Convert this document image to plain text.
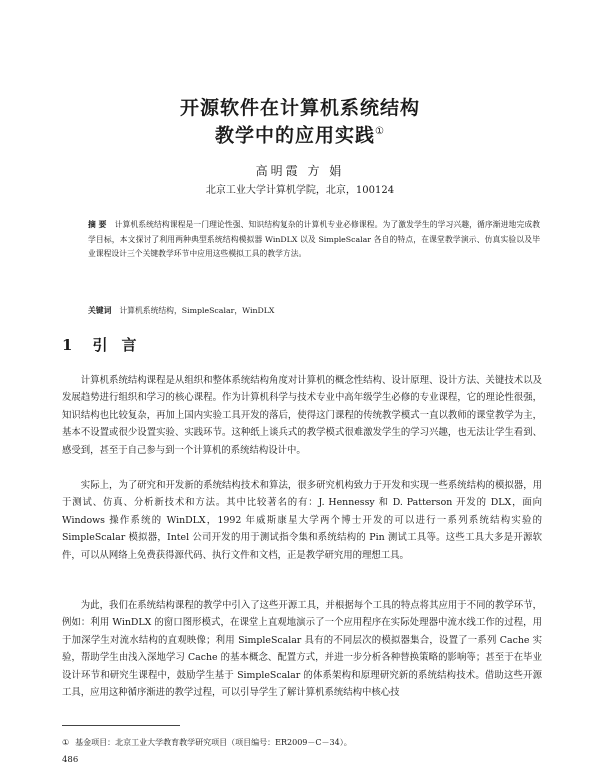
开源软件在计算机系统结构
教学中的应用实践①
高明霞 方 娟
北京工业大学计算机学院，北京，100124
摘 要 计算机系统结构课程是一门理论性强、知识结构复杂的计算机专业必修课程。为了激发学生的学习兴趣，循序渐进地完成教学目标，本文探讨了利用两种典型系统结构模拟器 WinDLX 以及 SimpleScalar 各自的特点，在课堂教学演示、仿真实验以及毕业课程设计三个关键教学环节中应用这些模拟工具的教学方法。
关键词 计算机系统结构，SimpleScalar，WinDLX
1 引言

计算机系统结构课程是从组织和整体系统结构角度对计算机的概念性结构、设计原理、设计方法、关键技术以及发展趋势进行组织和学习的核心课程。作为计算机科学与技术专业中高年级学生必修的专业课程，它的理论性很强，知识结构也比较复杂，再加上国内实验工具开发的落后，使得这门课程的传统教学模式一直以教师的课堂教学为主，基本不设置或很少设置实验、实践环节。这种纸上谈兵式的教学模式很难激发学生的学习兴趣，也无法让学生看到、感受到，甚至于自己参与到一个计算机的系统结构设计中。

实际上，为了研究和开发新的系统结构技术和算法，很多研究机构致力于开发和实现一些系统结构的模拟器，用于测试、仿真、分析新技术和方法。其中比较著名的有：J. Hennessy 和 D. Patterson 开发的 DLX，面向 Windows 操作系统的 WinDLX，1992 年威斯康星大学两个博士开发的可以进行一系列系统结构实验的 SimpleScalar 模拟器，Intel 公司开发的用于测试指令集和系统结构的 Pin 测试工具等。这些工具大多是开源软件，可以从网络上免费获得源代码、执行文件和文档，正是教学研究用的理想工具。

为此，我们在系统结构课程的教学中引入了这些开源工具，并根据每个工具的特点将其应用于不同的教学环节，例如：利用 WinDLX 的窗口图形模式，在课堂上直观地演示了一个应用程序在实际处理器中流水线工作的过程，用于加深学生对流水结构的直观映像；利用 SimpleScalar 具有的不同层次的模拟器集合，设置了一系列 Cache 实验，帮助学生由浅入深地学习 Cache 的基本概念、配置方式，并进一步分析各种替换策略的影响等；甚至于在毕业设计环节和研究生课程中，鼓励学生基于 SimpleScalar 的体系架构和原理研究新的系统结构技术。借助这些开源工具，应用这种循序渐进的教学过程，可以引导学生了解计算机系统结构中核心技

① 基金项目：北京工业大学教育教学研究项目（项目编号：ER2009－C－34）。
486
